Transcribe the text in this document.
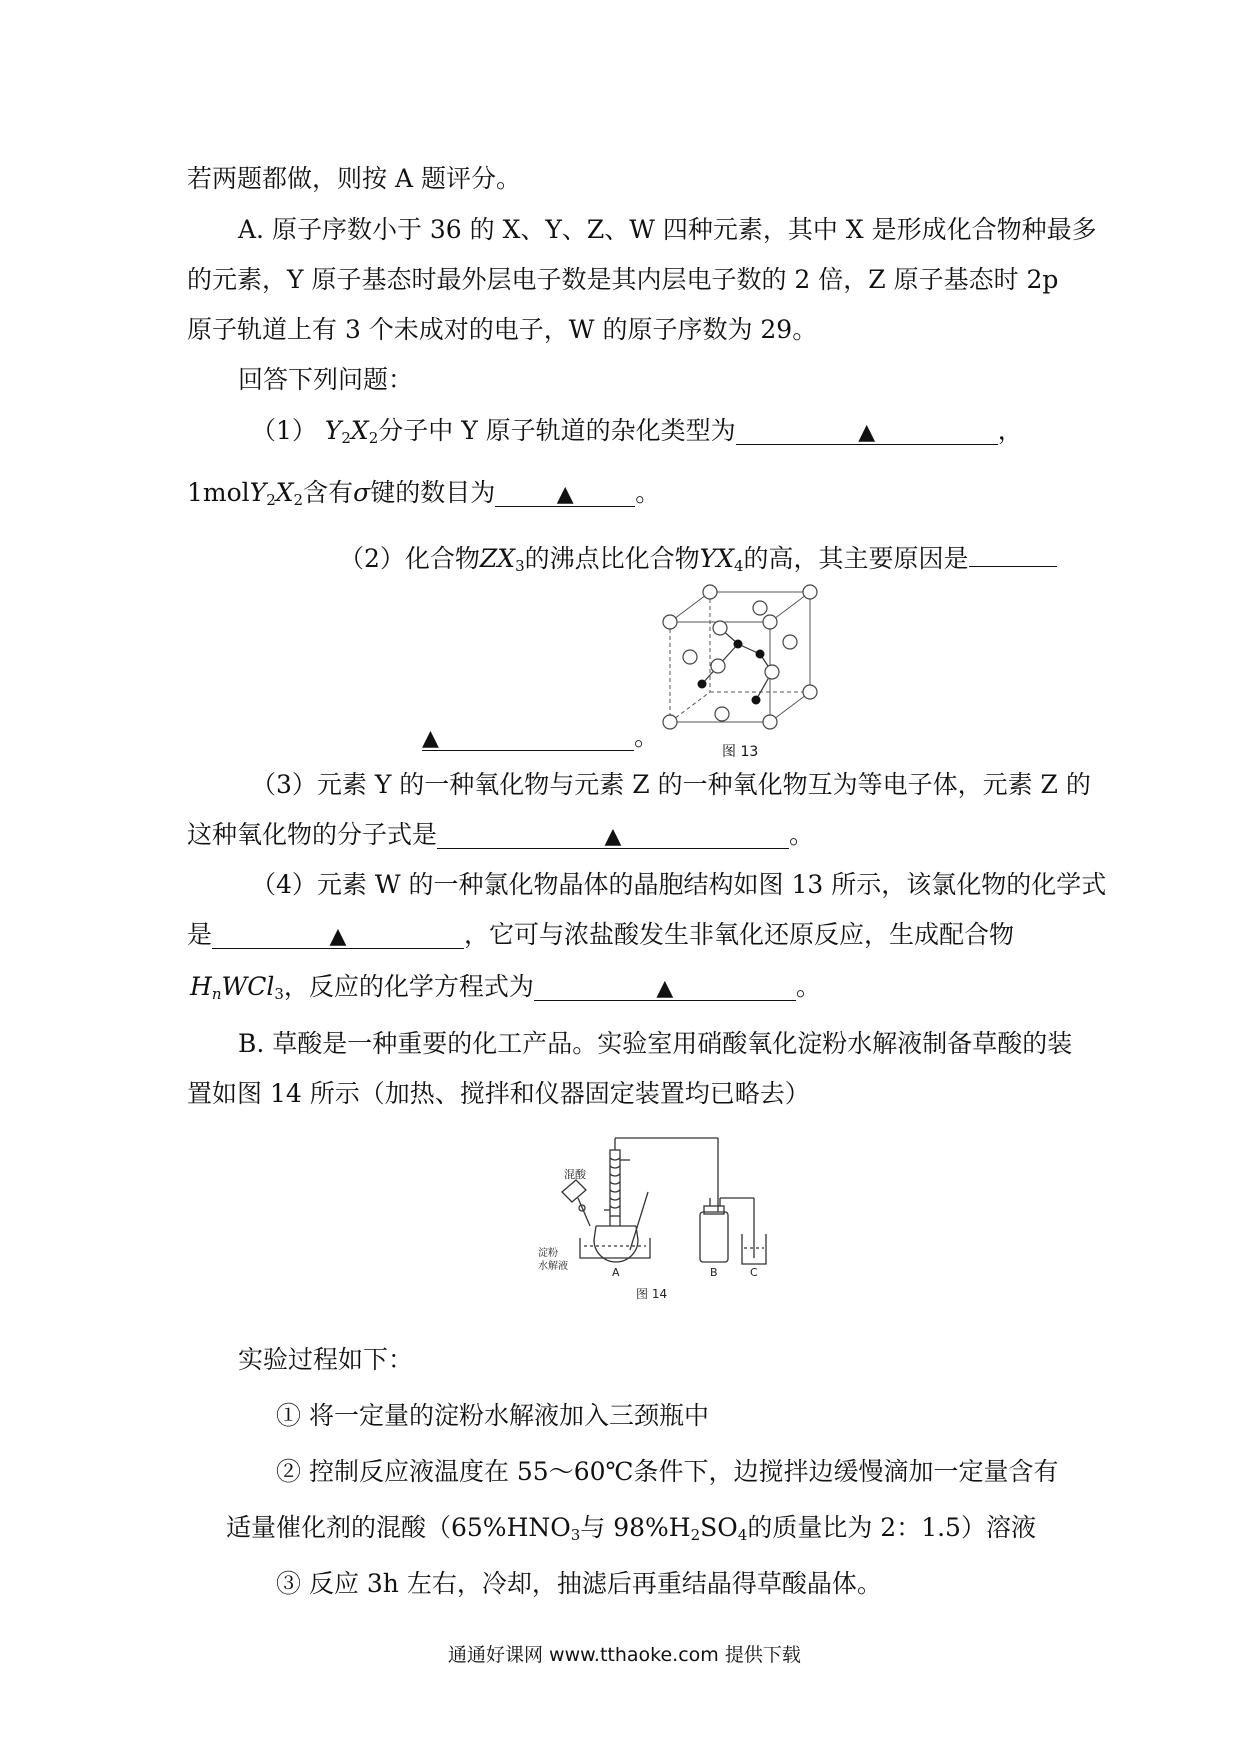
若两题都做，则按 A 题评分。
A. 原子序数小于 36 的 X、Y、Z、W 四种元素，其中 X 是形成化合物种最多
的元素，Y 原子基态时最外层电子数是其内层电子数的 2 倍，Z 原子基态时 2p
原子轨道上有 3 个未成对的电子，W 的原子序数为 29。
回答下列问题：
（1） $Y_2X_2$分子中 Y 原子轨道的杂化类型为	▲	，
$1molY_2X_2$含有σ键的数目为	▲ 。
（2）化合物$ZX_3$的沸点比化合物$YX_4$的高，其主要原因是
图 13
▲	。
（3）元素 Y 的一种氧化物与元素 Z 的一种氧化物互为等电子体，元素 Z 的
这种氧化物的分子式是	▲	。
（4）元素 W 的一种氯化物晶体的晶胞结构如图 13 所示，该氯化物的化学式
是	▲	，它可与浓盐酸发生非氧化还原反应，生成配合物
$H_nWCl_3$，反应的化学方程式为	▲	。
B. 草酸是一种重要的化工产品。实验室用硝酸氧化淀粉水解液制备草酸的装
置如图 14 所示（加热、搅拌和仪器固定装置均已略去）
混酸
淀粉
水解液	A	B	C
图 14
实验过程如下：
① 将一定量的淀粉水解液加入三颈瓶中
② 控制反应液温度在 55～60℃条件下，边搅拌边缓慢滴加一定量含有
适量催化剂的混酸（$65\%HNO_3$与 $98\%H_2SO_4$的质量比为 2：1.5）溶液
③ 反应 3h 左右，冷却，抽滤后再重结晶得草酸晶体。
通通好课网 www.tthaoke.com 提供下载
